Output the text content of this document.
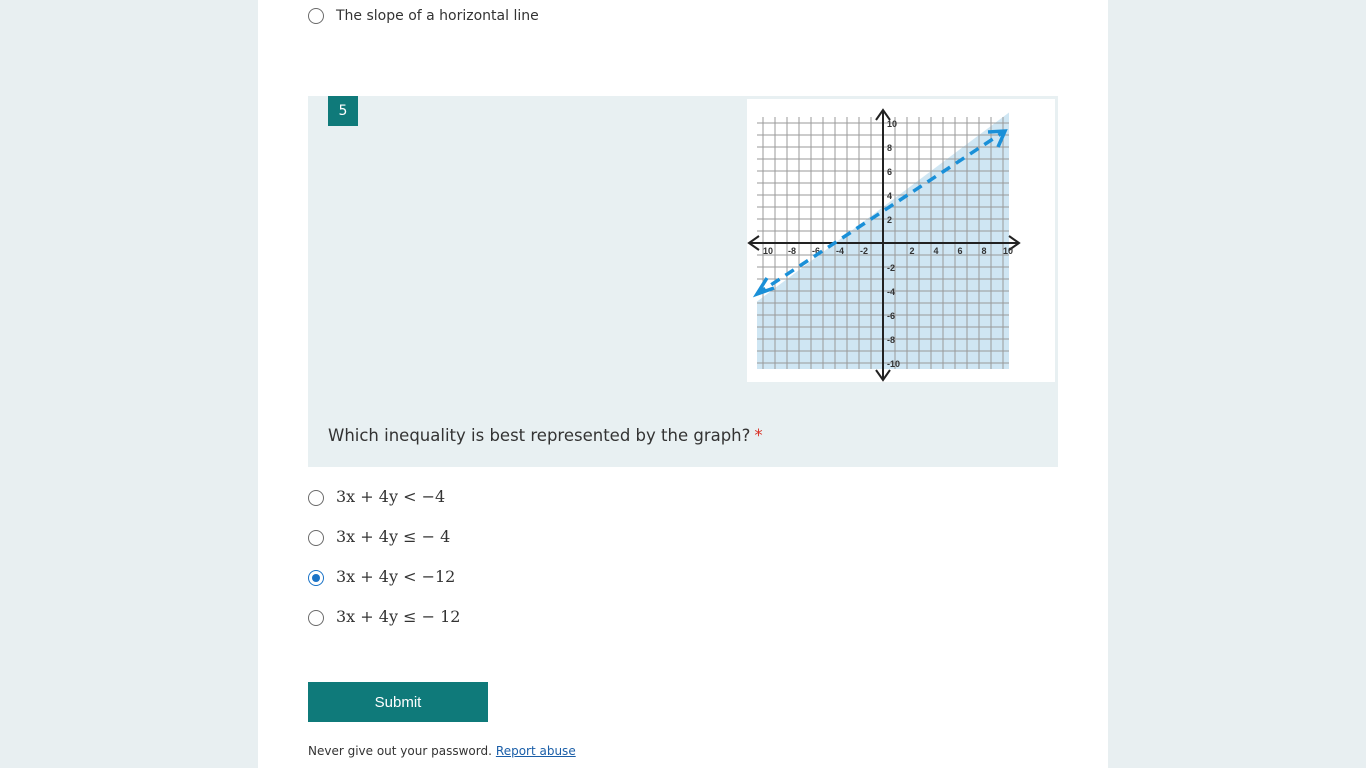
The slope of a horizontal line
5
10 -8 -6 -4 -2	2 4 6 8 10
10
8
6
4
2
-2
-4
-6
-8
-10
Which inequality is best represented by the graph? *
3x + 4y < −4
3x + 4y ≤ − 4
3x + 4y < −12
3x + 4y ≤ − 12
Submit
Never give out your password. Report abuse
